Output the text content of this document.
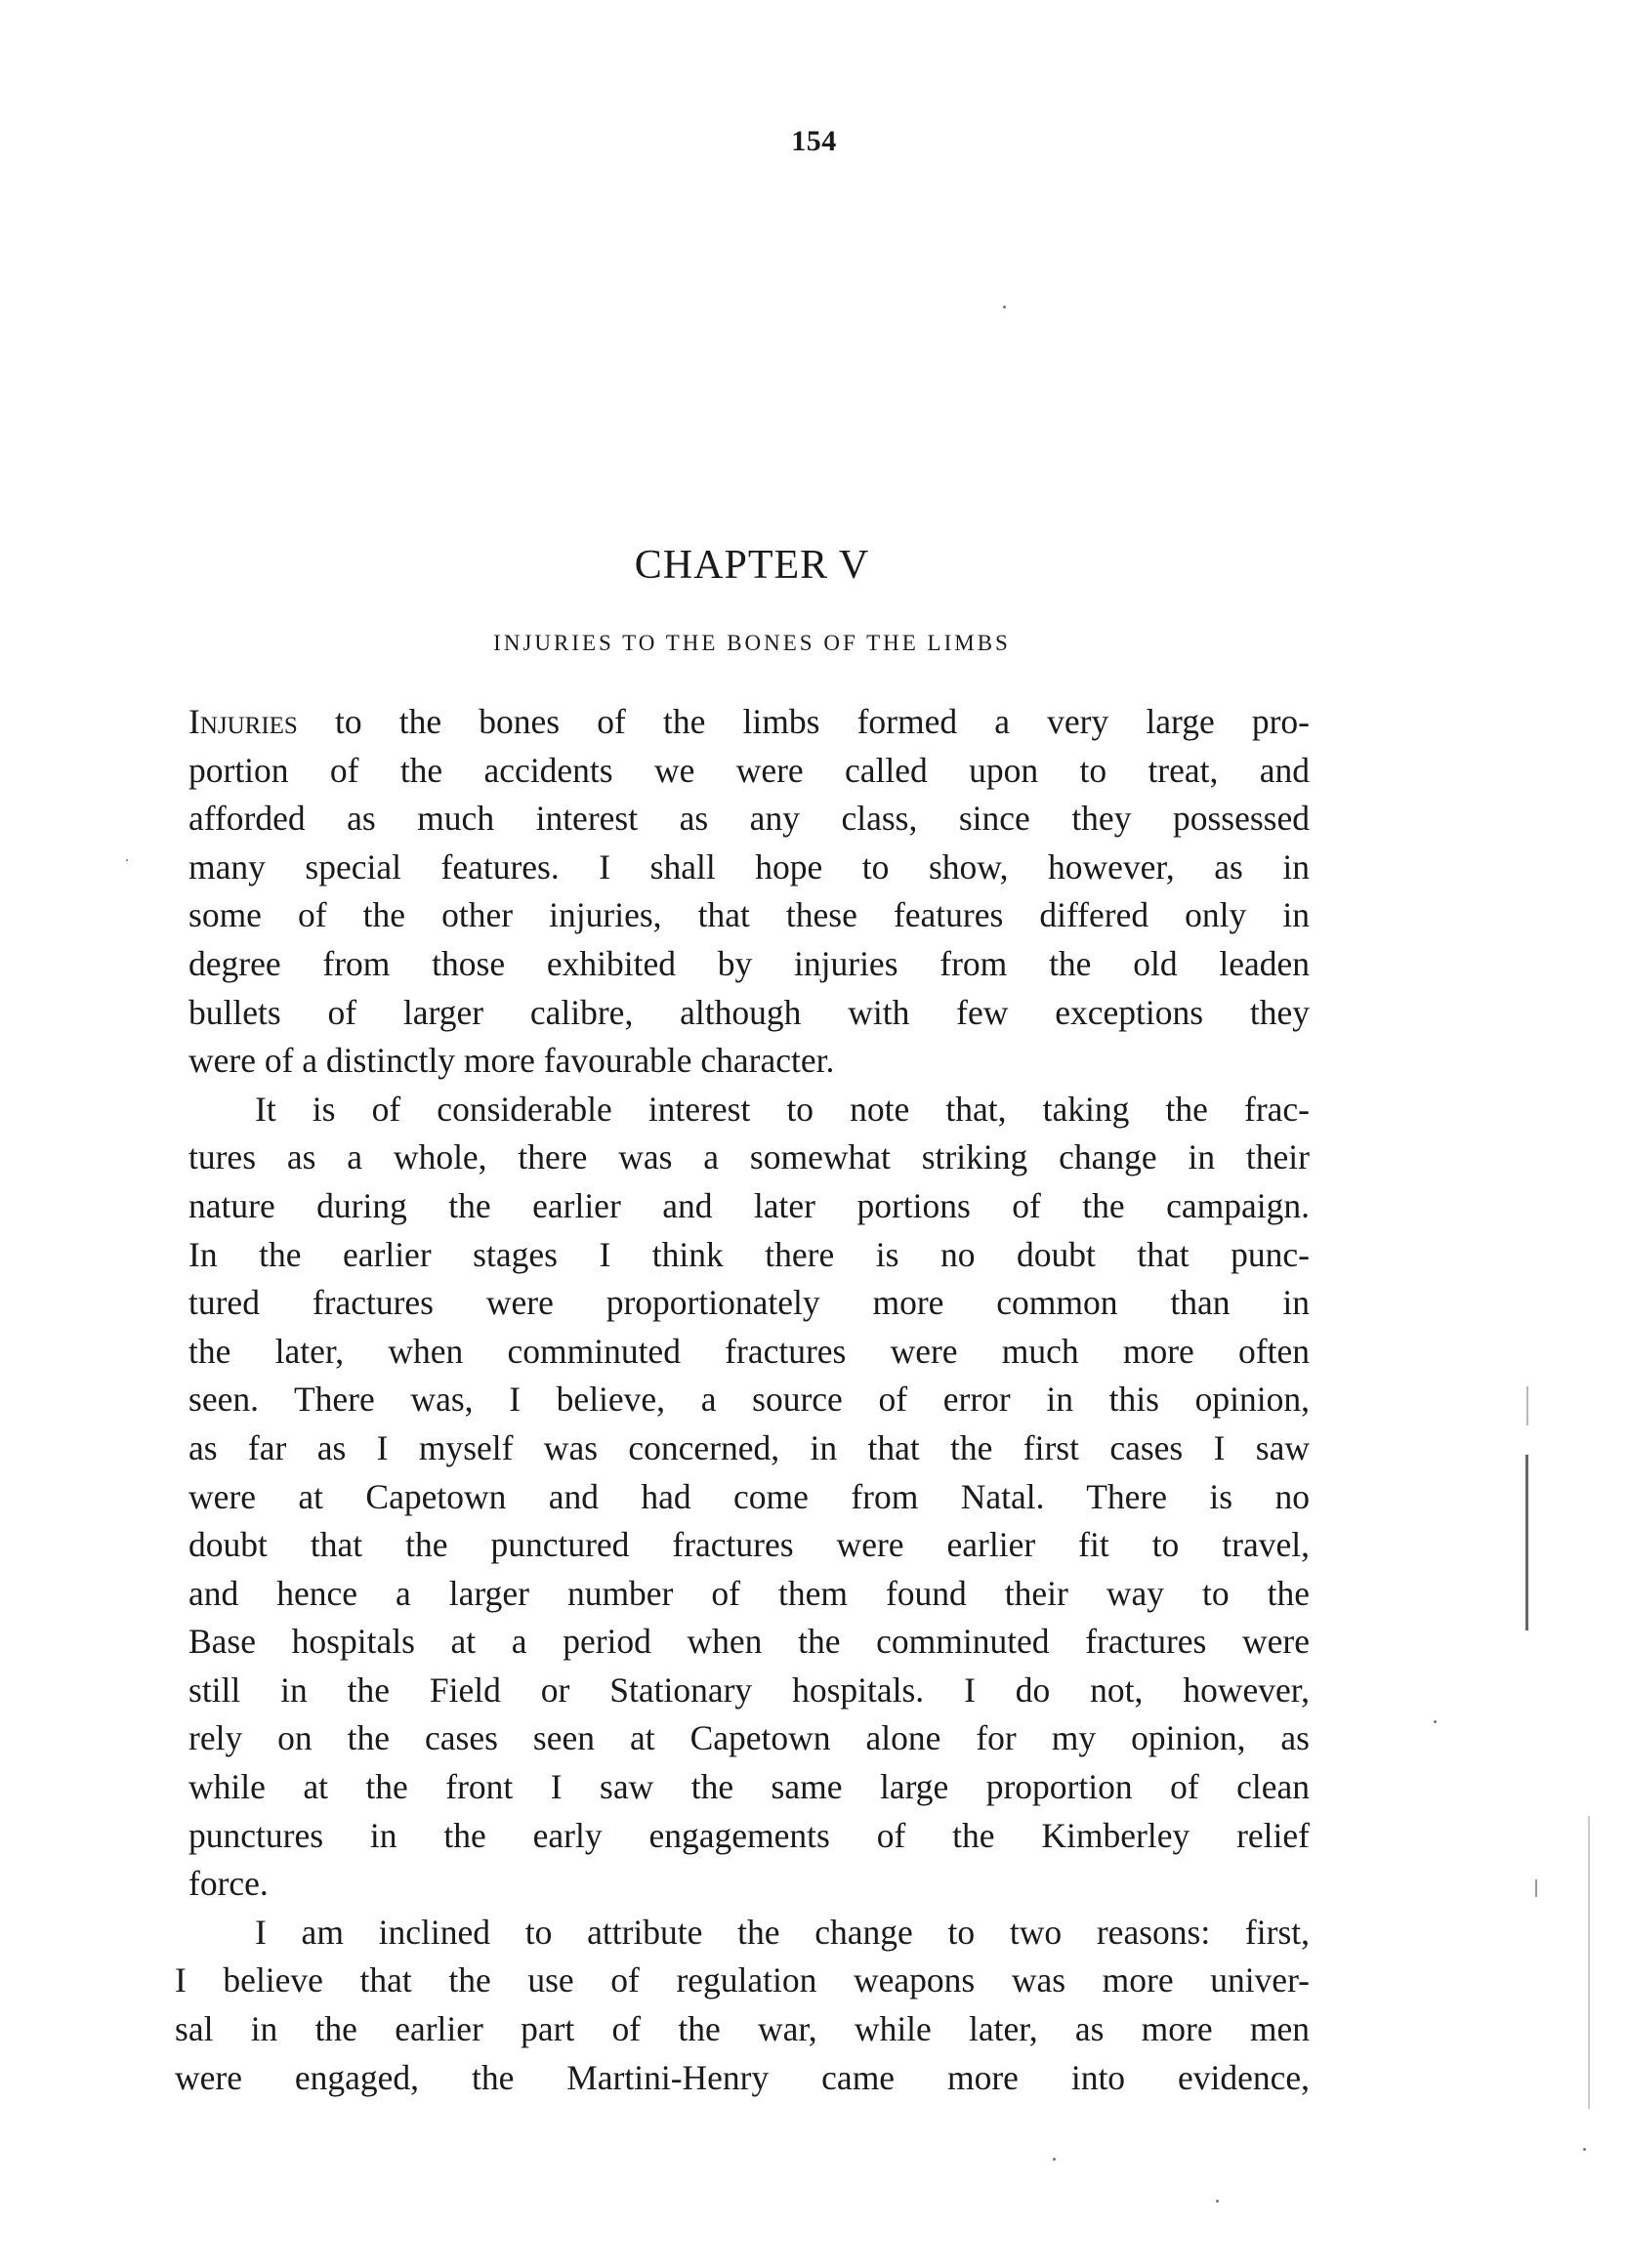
154
CHAPTER V
INJURIES TO THE BONES OF THE LIMBS

Injuries to the bones of the limbs formed a very large pro-
portion of the accidents we were called upon to treat, and
afforded as much interest as any class, since they possessed
many special features. I shall hope to show, however, as in
some of the other injuries, that these features differed only in
degree from those exhibited by injuries from the old leaden
bullets of larger calibre, although with few exceptions they
were of a distinctly more favourable character.

It is of considerable interest to note that, taking the frac-
tures as a whole, there was a somewhat striking change in their
nature during the earlier and later portions of the campaign.
In the earlier stages I think there is no doubt that punc-
tured fractures were proportionately more common than in
the later, when comminuted fractures were much more often
seen. There was, I believe, a source of error in this opinion,
as far as I myself was concerned, in that the first cases I saw
were at Capetown and had come from Natal. There is no
doubt that the punctured fractures were earlier fit to travel,
and hence a larger number of them found their way to the
Base hospitals at a period when the comminuted fractures were
still in the Field or Stationary hospitals. I do not, however,
rely on the cases seen at Capetown alone for my opinion, as
while at the front I saw the same large proportion of clean
punctures in the early engagements of the Kimberley relief
force.

I am inclined to attribute the change to two reasons: first,
I believe that the use of regulation weapons was more univer-
sal in the earlier part of the war, while later, as more men
were engaged, the Martini-Henry came more into evidence,
